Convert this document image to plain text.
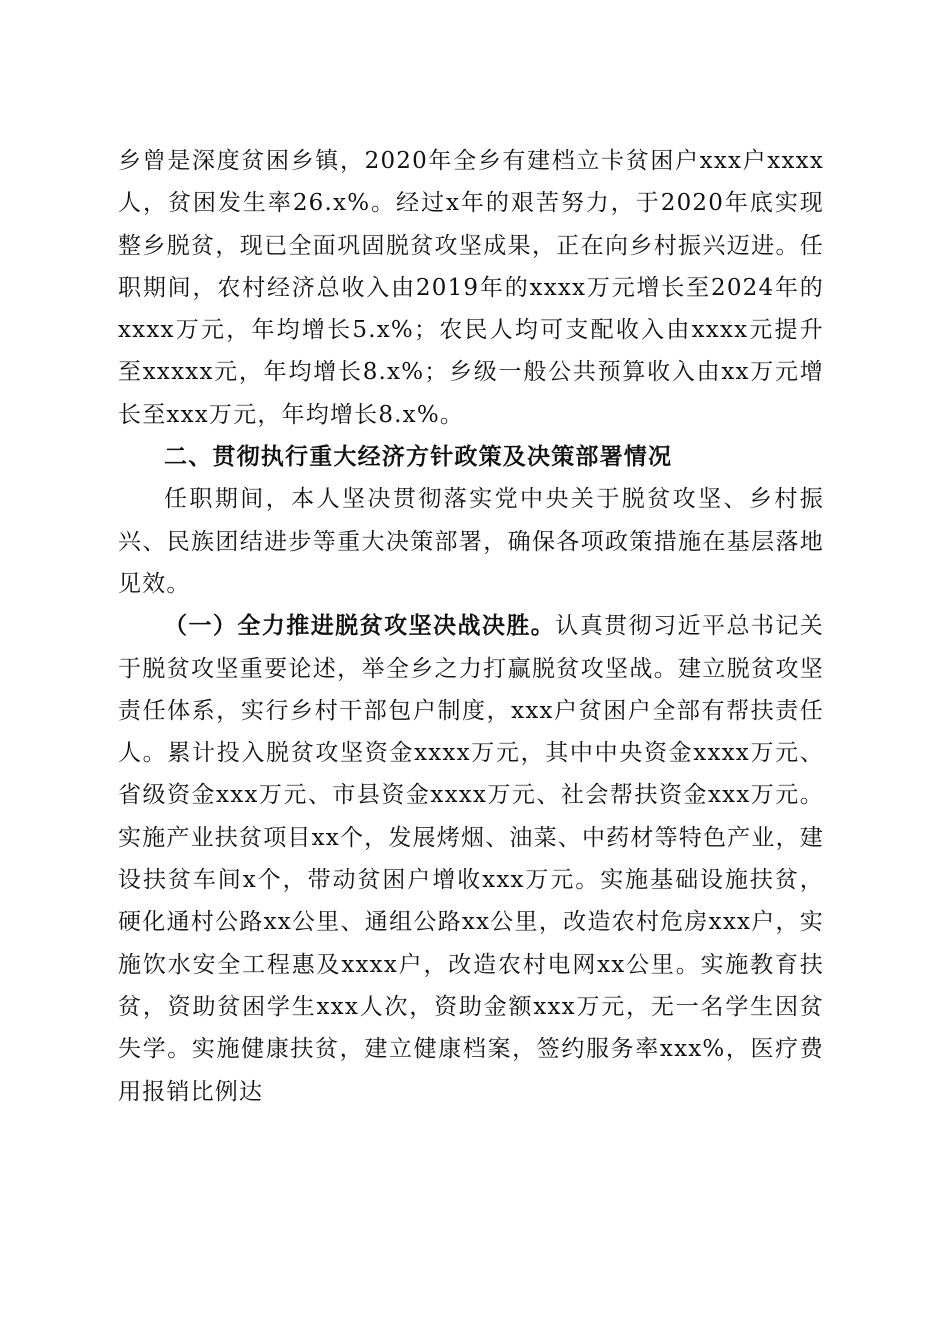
乡曾是深度贫困乡镇，2020年全乡有建档立卡贫困户xxx户xxxx人，贫困发生率26.x%。经过x年的艰苦努力，于2020年底实现整乡脱贫，现已全面巩固脱贫攻坚成果，正在向乡村振兴迈进。任职期间，农村经济总收入由2019年的xxxx万元增长至2024年的xxxx万元，年均增长5.x%；农民人均可支配收入由xxxx元提升至xxxxx元，年均增长8.x%；乡级一般公共预算收入由xx万元增长至xxx万元，年均增长8.x%。

二、贯彻执行重大经济方针政策及决策部署情况

任职期间，本人坚决贯彻落实党中央关于脱贫攻坚、乡村振兴、民族团结进步等重大决策部署，确保各项政策措施在基层落地见效。

（一）全力推进脱贫攻坚决战决胜。认真贯彻习近平总书记关于脱贫攻坚重要论述，举全乡之力打赢脱贫攻坚战。建立脱贫攻坚责任体系，实行乡村干部包户制度，xxx户贫困户全部有帮扶责任人。累计投入脱贫攻坚资金xxxx万元，其中中央资金xxxx万元、省级资金xxx万元、市县资金xxxx万元、社会帮扶资金xxx万元。实施产业扶贫项目xx个，发展烤烟、油菜、中药材等特色产业，建设扶贫车间x个，带动贫困户增收xxx万元。实施基础设施扶贫，硬化通村公路xx公里、通组公路xx公里，改造农村危房xxx户，实施饮水安全工程惠及xxxx户，改造农村电网xx公里。实施教育扶贫，资助贫困学生xxx人次，资助金额xxx万元，无一名学生因贫失学。实施健康扶贫，建立健康档案，签约服务率xxx%，医疗费用报销比例达
